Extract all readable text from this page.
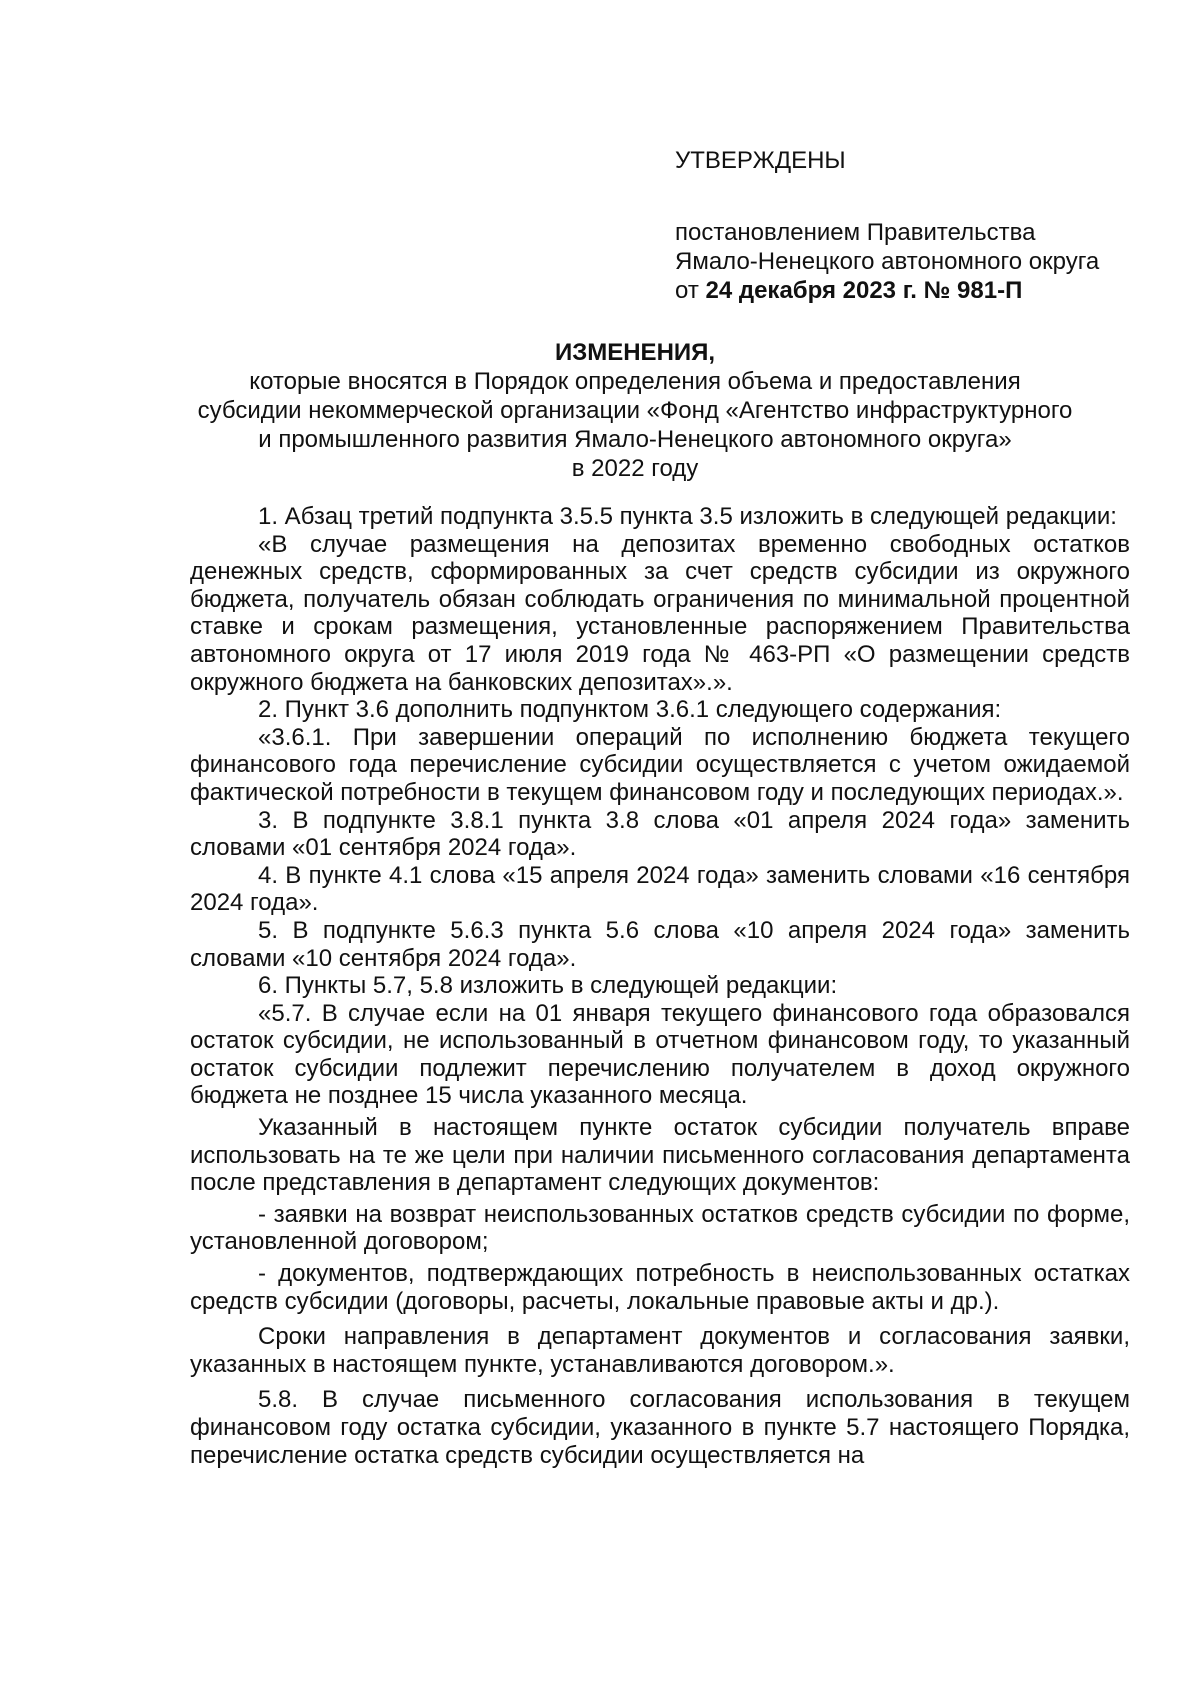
УТВЕРЖДЕНЫ
постановлением Правительства
Ямало-Ненецкого автономного округа
от 24 декабря 2023 г. № 981-П
ИЗМЕНЕНИЯ,
которые вносятся в Порядок определения объема и предоставления
субсидии некоммерческой организации «Фонд «Агентство инфраструктурного
и промышленного развития Ямало-Ненецкого автономного округа»
в 2022 году

1. Абзац третий подпункта 3.5.5 пункта 3.5 изложить в следующей редакции:

«В случае размещения на депозитах временно свободных остатков денежных средств, сформированных за счет средств субсидии из окружного бюджета, получатель обязан соблюдать ограничения по минимальной процентной ставке и срокам размещения, установленные распоряжением Правительства автономного округа от 17 июля 2019 года № 463-РП «О размещении средств окружного бюджета на банковских депозитах».».

2. Пункт 3.6 дополнить подпунктом 3.6.1 следующего содержания:

«3.6.1. При завершении операций по исполнению бюджета текущего финансового года перечисление субсидии осуществляется с учетом ожидаемой фактической потребности в текущем финансовом году и последующих периодах.».

3. В подпункте 3.8.1 пункта 3.8 слова «01 апреля 2024 года» заменить словами «01 сентября 2024 года».

4. В пункте 4.1 слова «15 апреля 2024 года» заменить словами «16 сентября 2024 года».

5. В подпункте 5.6.3 пункта 5.6 слова «10 апреля 2024 года» заменить словами «10 сентября 2024 года».

6. Пункты 5.7, 5.8 изложить в следующей редакции:

«5.7. В случае если на 01 января текущего финансового года образовался остаток субсидии, не использованный в отчетном финансовом году, то указанный остаток субсидии подлежит перечислению получателем в доход окружного бюджета не позднее 15 числа указанного месяца.

Указанный в настоящем пункте остаток субсидии получатель вправе использовать на те же цели при наличии письменного согласования департамента после представления в департамент следующих документов:

- заявки на возврат неиспользованных остатков средств субсидии по форме, установленной договором;

- документов, подтверждающих потребность в неиспользованных остатках средств субсидии (договоры, расчеты, локальные правовые акты и др.).

Сроки направления в департамент документов и согласования заявки, указанных в настоящем пункте, устанавливаются договором.».

5.8. В случае письменного согласования использования в текущем финансовом году остатка субсидии, указанного в пункте 5.7 настоящего Порядка, перечисление остатка средств субсидии осуществляется на
